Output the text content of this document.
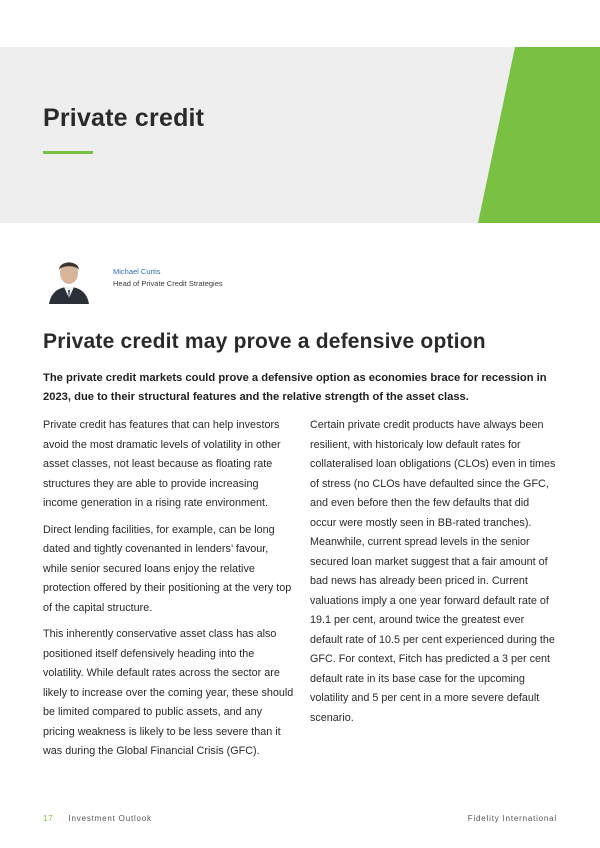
Private credit
Michael Curtis
Head of Private Credit Strategies
Private credit may prove a defensive option

The private credit markets could prove a defensive option as economies brace for recession in 2023, due to their structural features and the relative strength of the asset class.

Private credit has features that can help investors avoid the most dramatic levels of volatility in other asset classes, not least because as floating rate structures they are able to provide increasing income generation in a rising rate environment.

Direct lending facilities, for example, can be long dated and tightly covenanted in lenders’ favour, while senior secured loans enjoy the relative protection offered by their positioning at the very top of the capital structure.

This inherently conservative asset class has also positioned itself defensively heading into the volatility. While default rates across the sector are likely to increase over the coming year, these should be limited compared to public assets, and any pricing weakness is likely to be less severe than it was during the Global Financial Crisis (GFC).

Certain private credit products have always been resilient, with historicaly low default rates for collateralised loan obligations (CLOs) even in times of stress (no CLOs have defaulted since the GFC, and even before then the few defaults that did occur were mostly seen in BB-rated tranches). Meanwhile, current spread levels in the senior secured loan market suggest that a fair amount of bad news has already been priced in. Current valuations imply a one year forward default rate of 19.1 per cent, around twice the greatest ever default rate of 10.5 per cent experienced during the GFC. For context, Fitch has predicted a 3 per cent default rate in its base case for the upcoming volatility and 5 per cent in a more severe default scenario.

17 Investment Outlook	Fidelity International
